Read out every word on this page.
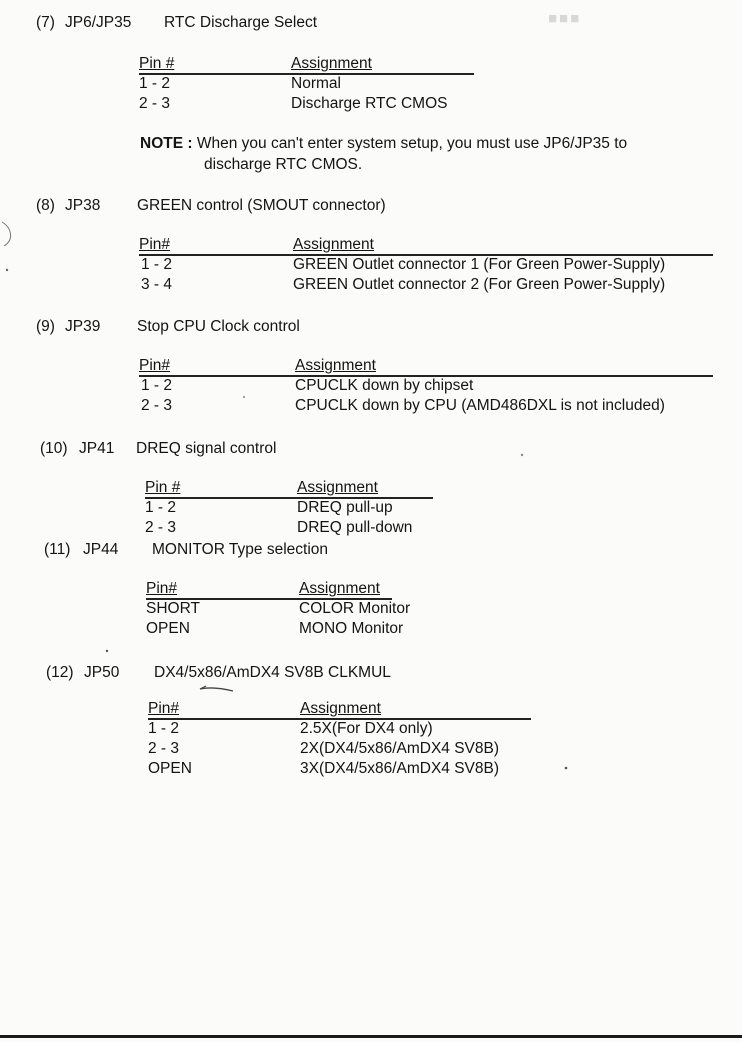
■■■
(7) JP6/JP35 RTC Discharge Select
Pin #	Assignment
1 - 2	Normal
2 - 3	Discharge RTC CMOS
NOTE : When you can't enter system setup, you must use JP6/JP35 to
discharge RTC CMOS.
(8) JP38 GREEN control (SMOUT connector)
Pin#	Assignment
1 - 2	GREEN Outlet connector 1 (For Green Power-Supply)
3 - 4	GREEN Outlet connector 2 (For Green Power-Supply)
(9) JP39 Stop CPU Clock control
Pin#	Assignment
1 - 2	CPUCLK down by chipset
2 - 3	CPUCLK down by CPU (AMD486DXL is not included)
(10) JP41 DREQ signal control
Pin #	Assignment
1 - 2	DREQ pull-up
2 - 3	DREQ pull-down
(11) JP44 MONITOR Type selection
Pin#	Assignment
SHORT	COLOR Monitor
OPEN	MONO Monitor
(12) JP50 DX4/5x86/AmDX4 SV8B CLKMUL
Pin#	Assignment
1 - 2	2.5X(For DX4 only)
2 - 3	2X(DX4/5x86/AmDX4 SV8B)
OPEN	3X(DX4/5x86/AmDX4 SV8B)
